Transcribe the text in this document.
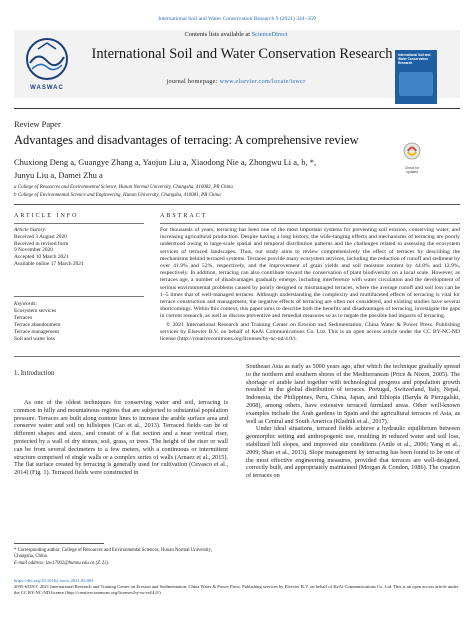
International Soil and Water Conservation Research 9 (2021) 344–359
WASWAC
Contents lists available at ScienceDirect
International Soil and Water Conservation Research
journal homepage: www.elsevier.com/locate/iswcr
International Soil and Water Conservation Research
Review Paper
Advantages and disadvantages of terracing: A comprehensive review
Check for updates
Chuxiong Deng a, Guangye Zhang a, Yaojun Liu a, Xiaodong Nie a, Zhongwu Li a, b, *,
Junyu Liu a, Damei Zhu a
a College of Resources and Environmental Science, Hunan Normal University, Changsha, 410082, PR China
b College of Environmental Science and Engineering, Hunan University, Changsha, 410081, PR China
ARTICLE INFO
Article history:
Received 3 August 2020
Received in revised form
9 November 2020
Accepted 10 March 2021
Available online 17 March 2021
Keywords:
Ecosystem services
Terraces
Terrace abandonment
Terrace management
Soil and water loss
ABSTRACT
For thousands of years, terracing has been one of the most important systems for preventing soil erosion, conserving water, and increasing agricultural production. Despite having a long history, the wide-ranging effects and mechanisms of terracing are poorly understood owing to large-scale spatial and temporal distribution patterns and the challenges related to assessing the ecosystem services of terraced landscapes. Thus, our study aims to review comprehensively the effect of terraces by describing the mechanisms behind terraced systems. Terraces provide many ecosystem services, including the reduction of runoff and sediment by over 41.9% and 52%, respectively, and the improvement of grain yields and soil moisture content by 44.8% and 12.9%, respectively. In addition, terracing can also contribute toward the conservation of plant biodiversity on a local scale. However, as terraces age, a number of disadvantages gradually emerge, including interference with water circulation and the development of serious environmental problems caused by poorly designed or mismanaged terraces, where the average runoff and soil loss can be 1–5 times that of well-managed terraces. Although understanding the complexity and multifaceted effects of terracing is vital for terrace construction and management, the negative effects of terracing are often not considered, and existing studies have several shortcomings. Within this context, this paper aims to describe both the benefits and disadvantages of terracing, investigate the gaps in current research, as well as discuss preventive and remedial measures so as to negate the possible bad impacts of terracing.
© 2021 International Research and Training Center on Erosion and Sedimentation, China Water & Power Press. Publishing services by Elsevier B.V. on behalf of KeAi Communications Co. Ltd. This is an open access article under the CC BY-NC-ND license (http://creativecommons.org/licenses/by-nc-nd/4.0/).
1. Introduction
As one of the oldest techniques for conserving water and soil, terracing is common in hilly and mountainous regions that are subjected to substantial population pressure. Terraces are built along contour lines to increase the arable surface area and conserve water and soil on hillslopes (Cao et al., 2013). Terraced fields can be of different shapes and sizes, and consist of a flat section and a near vertical riser, protected by a wall of dry stones, soil, grass, or trees. The height of the riser or wall can be from several decimeters to a few meters, with a continuous or intermittent structure comprised of single walls or a complex series of walls (Arnaez et al., 2015). The flat surface created by terracing is generally used for cultivation (Cevasco et al., 2014) (Fig. 1). Terraced fields were constructed in
Southeast Asia as early as 5000 years ago, after which the technique gradually spread to the northern and southern shores of the Mediterranean (Price & Nixon, 2005). The shortage of arable land together with technological progress and population growth resulted in the global distribution of terraces. Portugal, Switzerland, Italy, Nepal, Indonesia, the Philippines, Peru, China, Japan, and Ethiopia (Baryła & Pierzgalski, 2008), among others, have extensive terraced farmland areas. Other well-known examples include the Arab gardens in Spain and the agricultural terraces of Asia, as well as Central and South America (Kladnik et al., 2017).
Under ideal situations, terraced fields achieve a hydraulic equilibrium between geomorphic setting and anthropogenic use, resulting in reduced water and soil loss, stabilized hill slopes, and improved site conditions (Antle et al., 2006; Yang et al., 2009; Shao et al., 2013). Slope management by terracing has been found to be one of the most effective engineering measures, provided that terraces are well-designed, correctly built, and appropriately maintained (Morgan & Condon, 1986). The creation of terraces on
* Corresponding author. College of Resources and Environmental Sciences, Hunan Normal University, Changsha, China.
E-mail address: lzw17002@hunnu.edu.cn (Z. Li).
https://doi.org/10.1016/j.iswcr.2021.03.002
2095-6339/© 2021 International Research and Training Center on Erosion and Sedimentation, China Water & Power Press. Publishing services by Elsevier B.V. on behalf of KeAi Communications Co. Ltd. This is an open access article under the CC BY-NC-ND license (http://creativecommons.org/licenses/by-nc-nd/4.0/).
